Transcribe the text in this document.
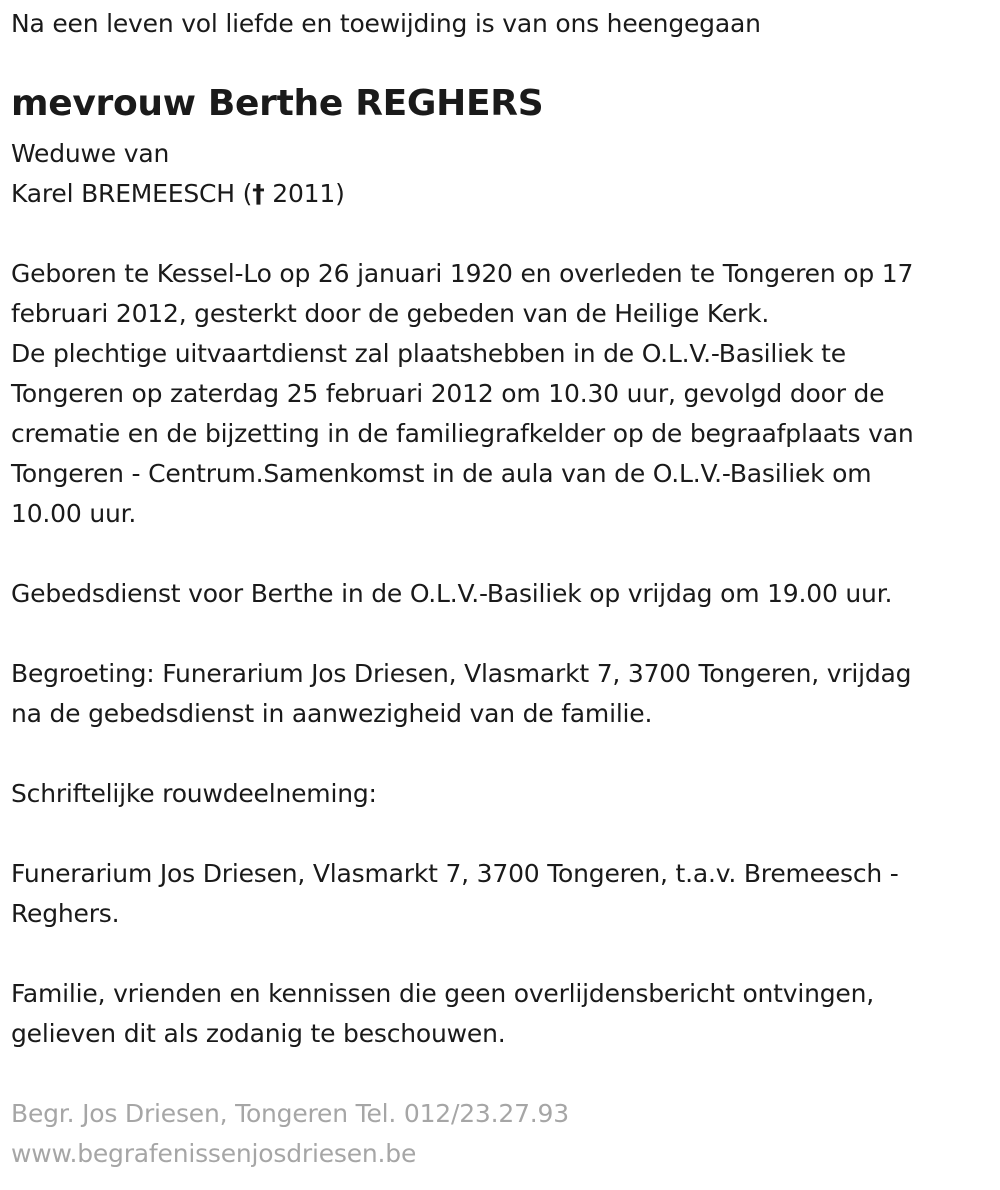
Na een leven vol liefde en toewijding is van ons heengegaan

mevrouw Berthe REGHERS

Weduwe van

Karel BREMEESCH († 2011)

Geboren te Kessel-Lo op 26 januari 1920 en overleden te Tongeren op 17

februari 2012, gesterkt door de gebeden van de Heilige Kerk.

De plechtige uitvaartdienst zal plaatshebben in de O.L.V.-Basiliek te

Tongeren op zaterdag 25 februari 2012 om 10.30 uur, gevolgd door de

crematie en de bijzetting in de familiegrafkelder op de begraafplaats van

Tongeren - Centrum.Samenkomst in de aula van de O.L.V.-Basiliek om

10.00 uur.

Gebedsdienst voor Berthe in de O.L.V.-Basiliek op vrijdag om 19.00 uur.

Begroeting: Funerarium Jos Driesen, Vlasmarkt 7, 3700 Tongeren, vrijdag

na de gebedsdienst in aanwezigheid van de familie.

Schriftelijke rouwdeelneming:

Funerarium Jos Driesen, Vlasmarkt 7, 3700 Tongeren, t.a.v. Bremeesch -

Reghers.

Familie, vrienden en kennissen die geen overlijdensbericht ontvingen,

gelieven dit als zodanig te beschouwen.

Begr. Jos Driesen, Tongeren Tel. 012/23.27.93

www.begrafenissenjosdriesen.be
